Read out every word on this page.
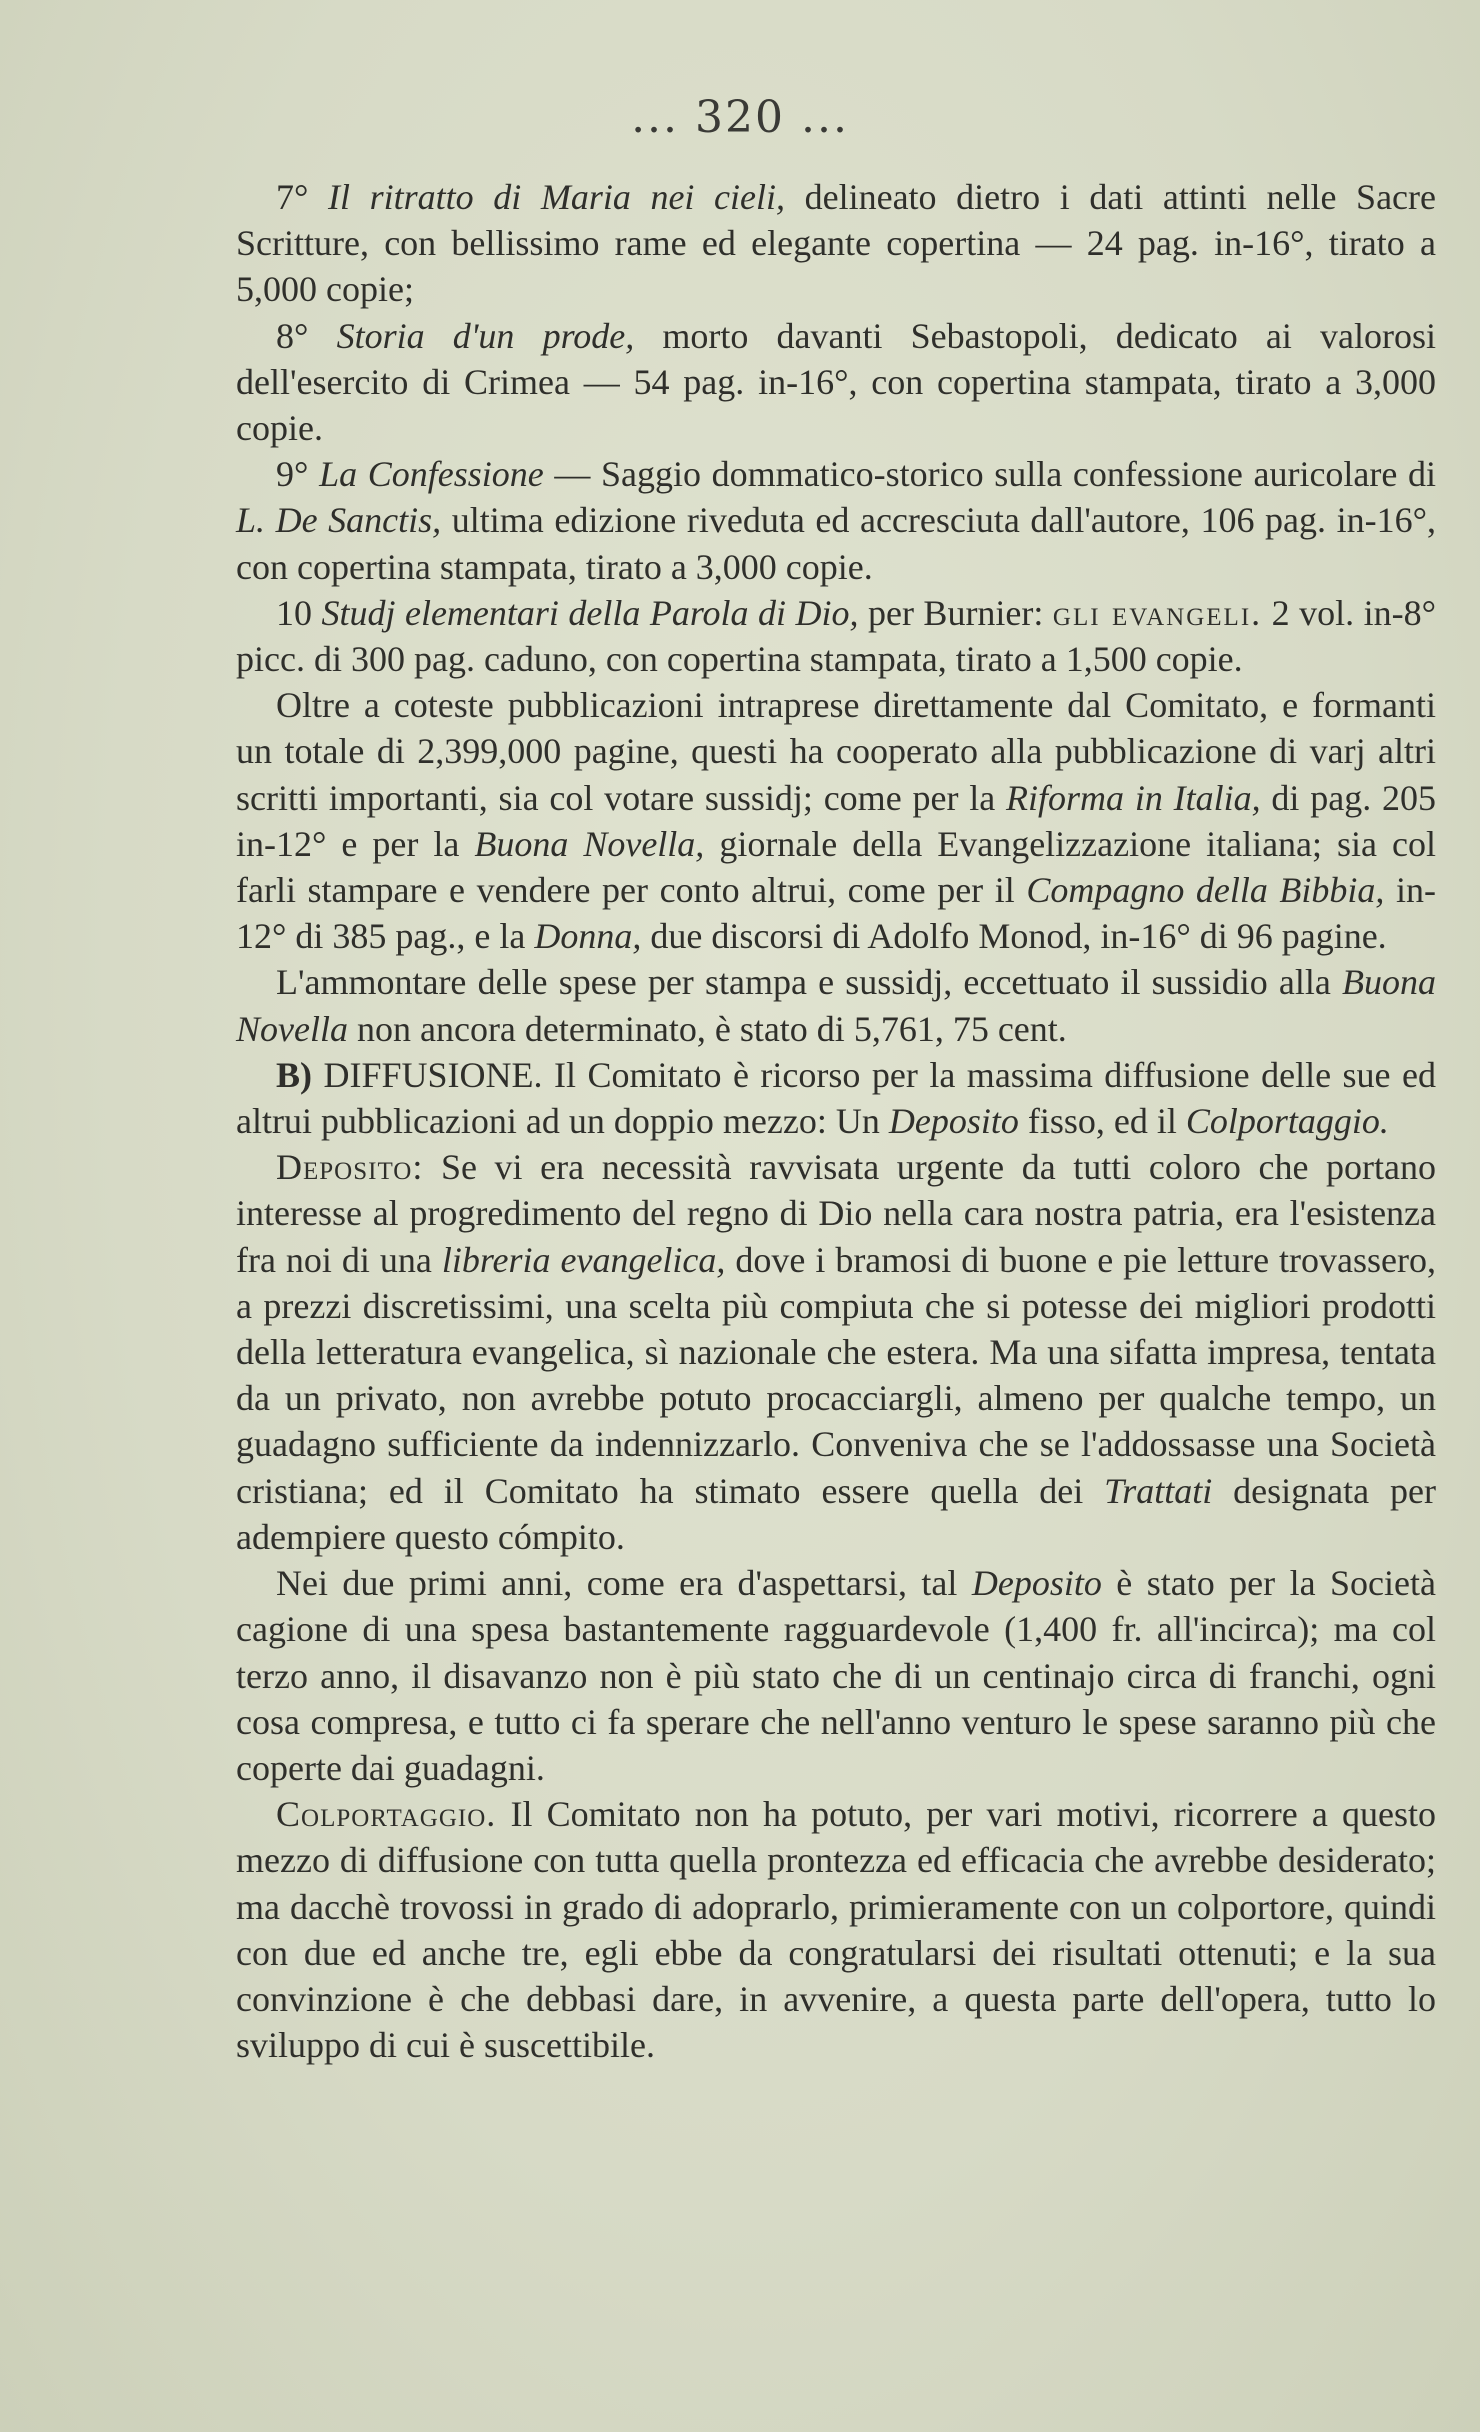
... 320 ...

7° Il ritratto di Maria nei cieli, delineato dietro i dati attinti nelle Sacre Scritture, con bellissimo rame ed elegante copertina — 24 pag. in-16°, tirato a 5,000 copie;

8° Storia d'un prode, morto davanti Sebastopoli, dedicato ai valorosi dell'esercito di Crimea — 54 pag. in-16°, con copertina stampata, tirato a 3,000 copie.

9° La Confessione — Saggio dommatico-storico sulla confessione auricolare di L. De Sanctis, ultima edizione riveduta ed accresciuta dall'autore, 106 pag. in-16°, con copertina stampata, tirato a 3,000 copie.

10 Studj elementari della Parola di Dio, per Burnier: gli evangeli. 2 vol. in-8° picc. di 300 pag. caduno, con copertina stampata, tirato a 1,500 copie.

Oltre a coteste pubblicazioni intraprese direttamente dal Comitato, e formanti un totale di 2,399,000 pagine, questi ha cooperato alla pubblicazione di varj altri scritti importanti, sia col votare sussidj; come per la Riforma in Italia, di pag. 205 in-12° e per la Buona Novella, giornale della Evangelizzazione italiana; sia col farli stampare e vendere per conto altrui, come per il Compagno della Bibbia, in-12° di 385 pag., e la Donna, due discorsi di Adolfo Monod, in-16° di 96 pagine.

L'ammontare delle spese per stampa e sussidj, eccettuato il sussidio alla Buona Novella non ancora determinato, è stato di 5,761, 75 cent.

B) DIFFUSIONE. Il Comitato è ricorso per la massima diffusione delle sue ed altrui pubblicazioni ad un doppio mezzo: Un Deposito fisso, ed il Colportaggio.

Deposito: Se vi era necessità ravvisata urgente da tutti coloro che portano interesse al progredimento del regno di Dio nella cara nostra patria, era l'esistenza fra noi di una libreria evangelica, dove i bramosi di buone e pie letture trovassero, a prezzi discretissimi, una scelta più compiuta che si potesse dei migliori prodotti della letteratura evangelica, sì nazionale che estera. Ma una sifatta impresa, tentata da un privato, non avrebbe potuto procacciargli, almeno per qualche tempo, un guadagno sufficiente da indennizzarlo. Conveniva che se l'addossasse una Società cristiana; ed il Comitato ha stimato essere quella dei Trattati designata per adempiere questo cómpito.

Nei due primi anni, come era d'aspettarsi, tal Deposito è stato per la Società cagione di una spesa bastantemente ragguardevole (1,400 fr. all'incirca); ma col terzo anno, il disavanzo non è più stato che di un centinajo circa di franchi, ogni cosa compresa, e tutto ci fa sperare che nell'anno venturo le spese saranno più che coperte dai guadagni.

Colportaggio. Il Comitato non ha potuto, per vari motivi, ricorrere a questo mezzo di diffusione con tutta quella prontezza ed efficacia che avrebbe desiderato; ma dacchè trovossi in grado di adoprarlo, primieramente con un colportore, quindi con due ed anche tre, egli ebbe da congratularsi dei risultati ottenuti; e la sua convinzione è che debbasi dare, in avvenire, a questa parte dell'opera, tutto lo sviluppo di cui è suscettibile.
